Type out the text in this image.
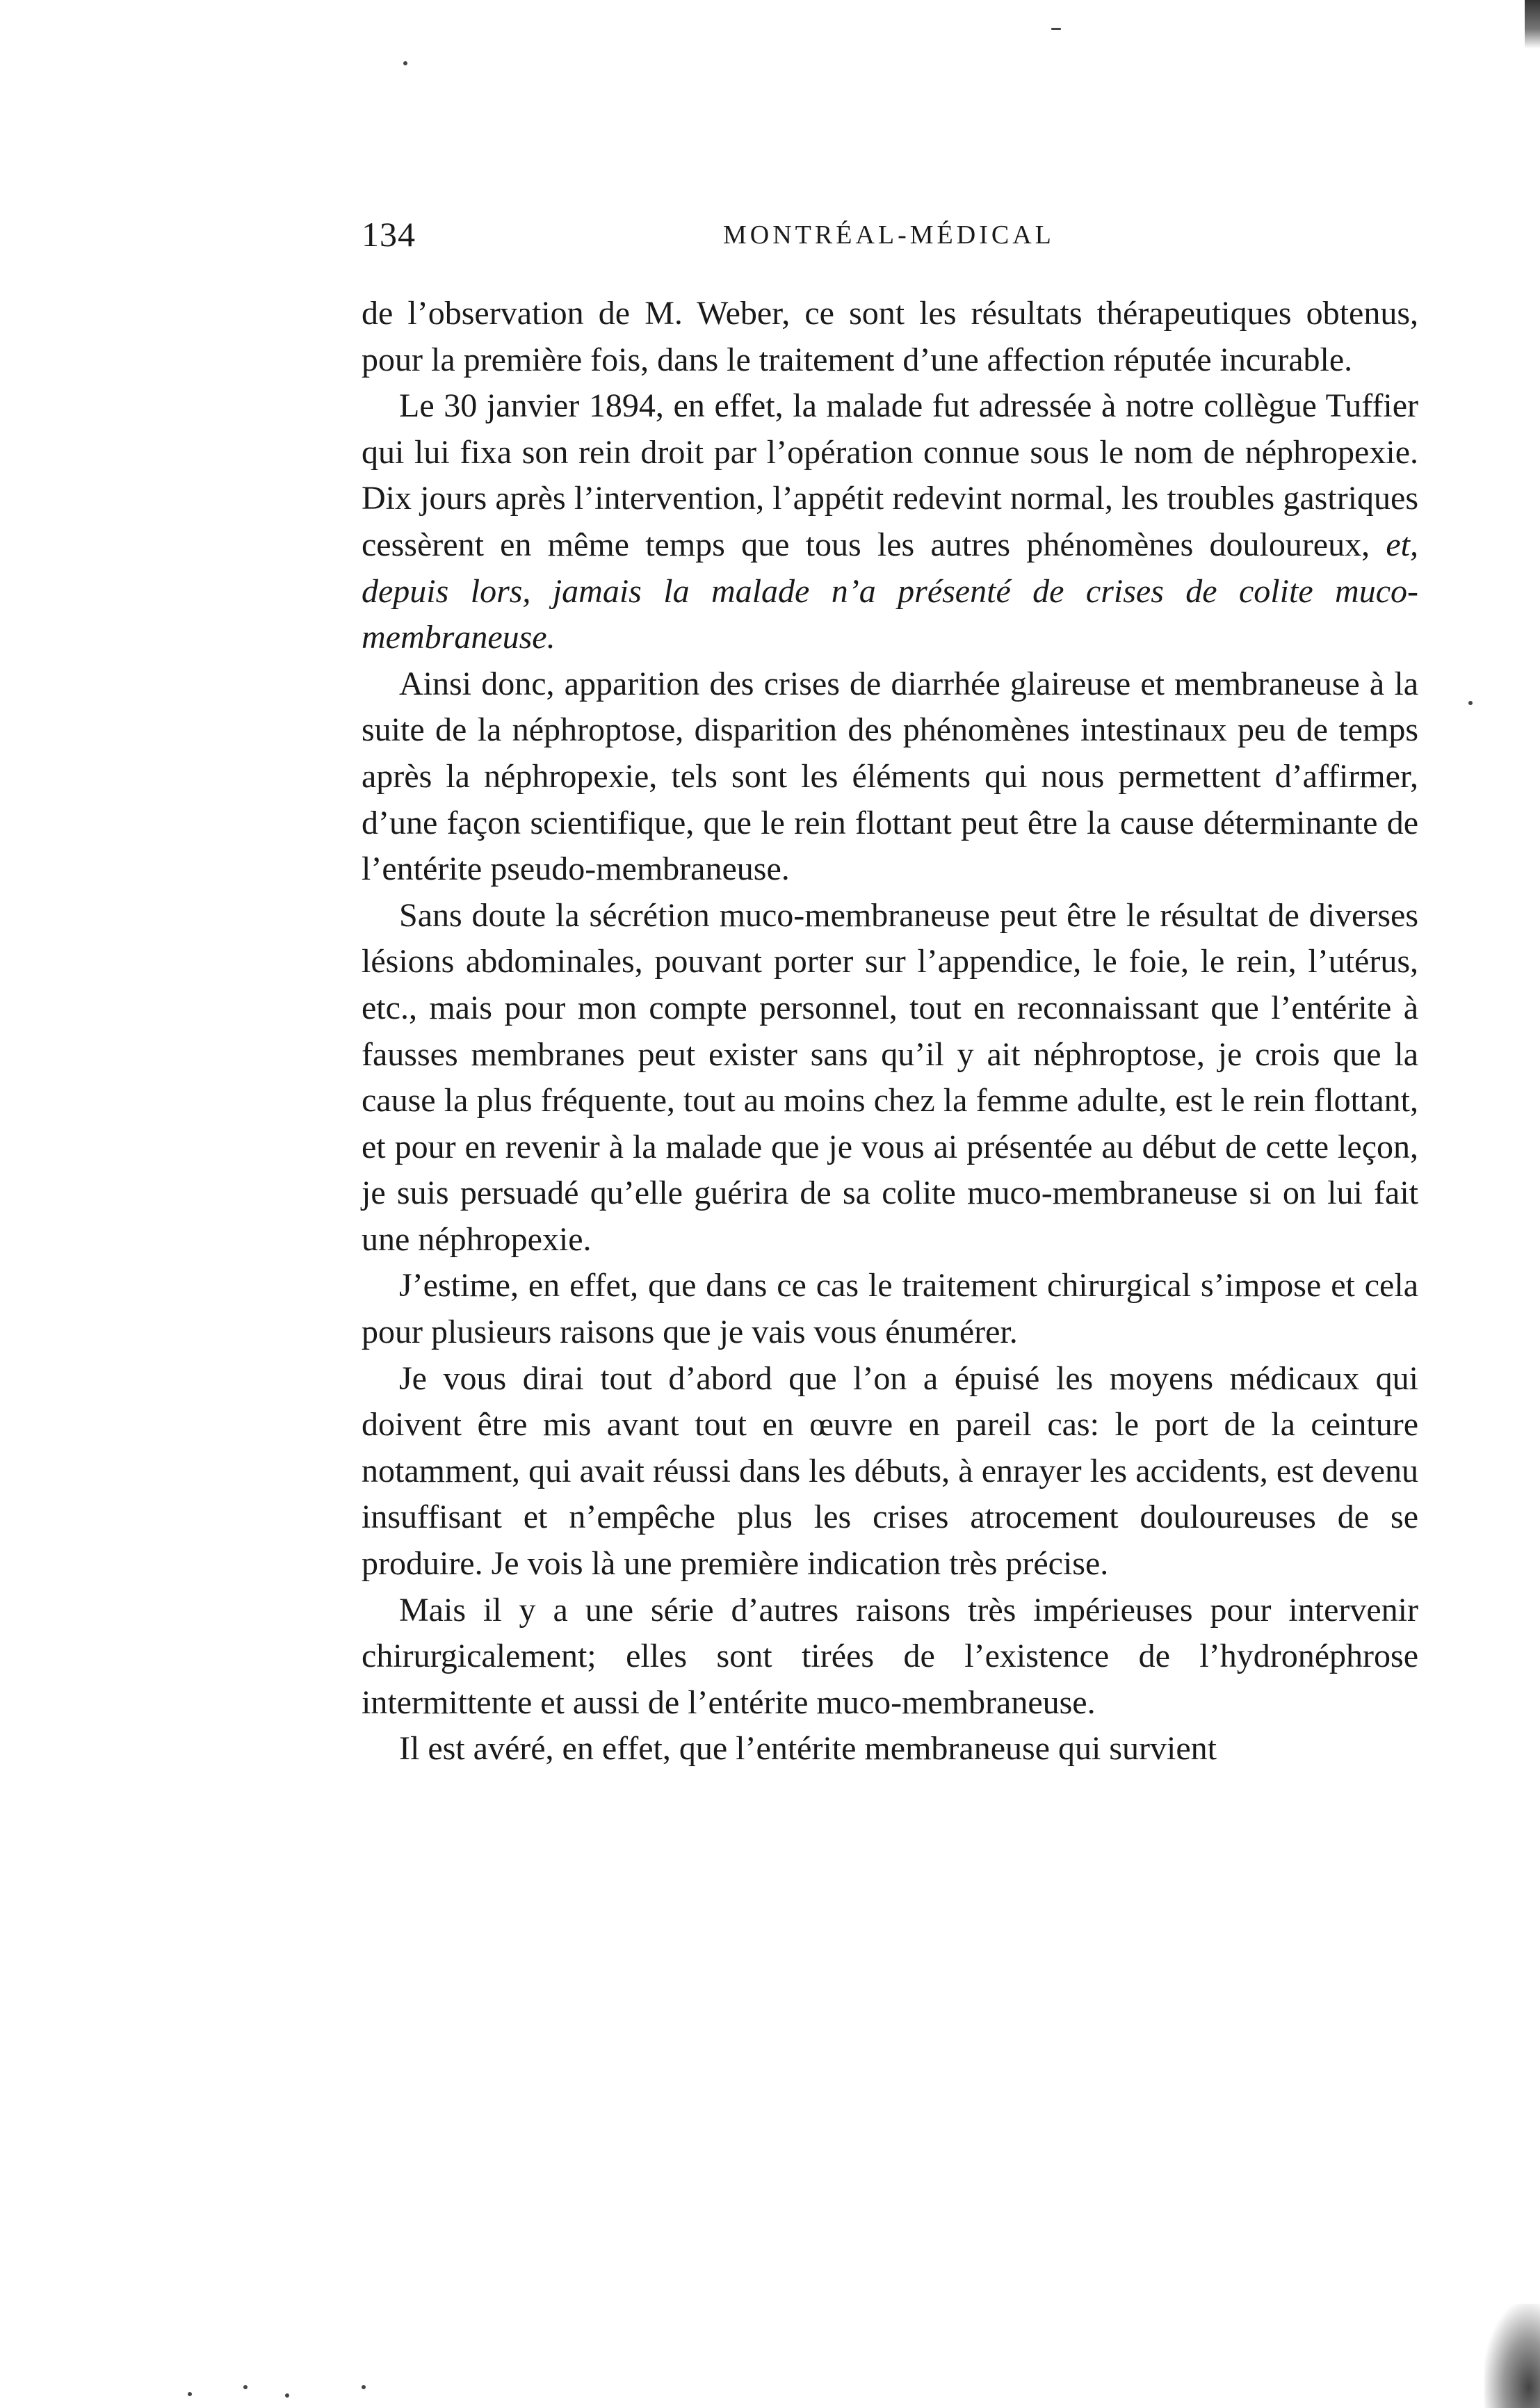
134	MONTRÉAL-MÉDICAL

de l’observation de M. Weber, ce sont les résultats thérapeutiques obtenus, pour la première fois, dans le traitement d’une affection réputée incurable.

Le 30 janvier 1894, en effet, la malade fut adressée à notre collègue Tuffier qui lui fixa son rein droit par l’opération connue sous le nom de néphropexie. Dix jours après l’intervention, l’appétit redevint normal, les troubles gastriques cessèrent en même temps que tous les autres phénomènes douloureux, et, depuis lors, jamais la malade n’a présenté de crises de colite muco-membraneuse.

Ainsi donc, apparition des crises de diarrhée glaireuse et membraneuse à la suite de la néphroptose, disparition des phénomènes intestinaux peu de temps après la néphropexie, tels sont les éléments qui nous permettent d’affirmer, d’une façon scientifique, que le rein flottant peut être la cause déterminante de l’entérite pseudo-membraneuse.

Sans doute la sécrétion muco-membraneuse peut être le résultat de diverses lésions abdominales, pouvant porter sur l’appendice, le foie, le rein, l’utérus, etc., mais pour mon compte personnel, tout en reconnaissant que l’entérite à fausses membranes peut exister sans qu’il y ait néphroptose, je crois que la cause la plus fréquente, tout au moins chez la femme adulte, est le rein flottant, et pour en revenir à la malade que je vous ai présentée au début de cette leçon, je suis persuadé qu’elle guérira de sa colite muco-membraneuse si on lui fait une néphropexie.

J’estime, en effet, que dans ce cas le traitement chirurgical s’impose et cela pour plusieurs raisons que je vais vous énumérer.

Je vous dirai tout d’abord que l’on a épuisé les moyens médicaux qui doivent être mis avant tout en œuvre en pareil cas: le port de la ceinture notamment, qui avait réussi dans les débuts, à enrayer les accidents, est devenu insuffisant et n’empêche plus les crises atrocement douloureuses de se produire. Je vois là une première indication très précise.

Mais il y a une série d’autres raisons très impérieuses pour intervenir chirurgicalement; elles sont tirées de l’existence de l’hydronéphrose intermittente et aussi de l’entérite muco-membraneuse.

Il est avéré, en effet, que l’entérite membraneuse qui survient
